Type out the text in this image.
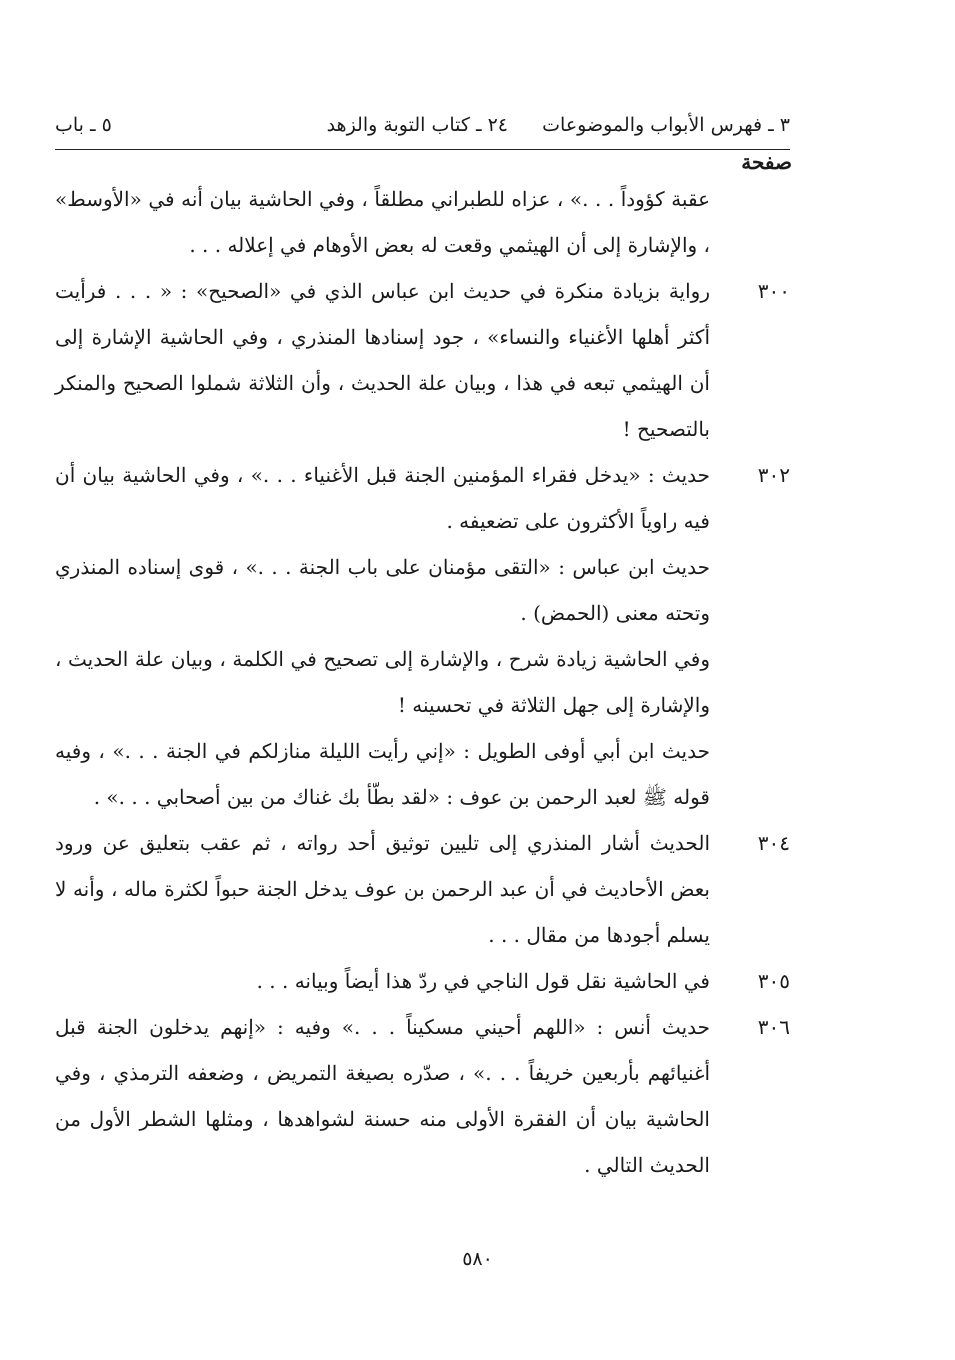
٣ ـ فهرس الأبواب والموضوعات
٢٤ ـ كتاب التوبة والزهد
٥ ـ باب
صفحة

عقبة كؤوداً . . .» ، عزاه للطبراني مطلقاً ، وفي الحاشية بيان أنه في «الأوسط» ، والإشارة إلى أن الهيثمي وقعت له بعض الأوهام في إعلاله . . .

٣٠٠

رواية بزيادة منكرة في حديث ابن عباس الذي في «الصحيح» : « . . . فرأيت أكثر أهلها الأغنياء والنساء» ، جود إسنادها المنذري ، وفي الحاشية الإشارة إلى أن الهيثمي تبعه في هذا ، وبيان علة الحديث ، وأن الثلاثة شملوا الصحيح والمنكر بالتصحيح !

٣٠٢

حديث : «يدخل فقراء المؤمنين الجنة قبل الأغنياء . . .» ، وفي الحاشية بيان أن فيه راوياً الأكثرون على تضعيفه .

حديث ابن عباس : «التقى مؤمنان على باب الجنة . . .» ، قوى إسناده المنذري وتحته معنى (الحمض) .

وفي الحاشية زيادة شرح ، والإشارة إلى تصحيح في الكلمة ، وبيان علة الحديث ، والإشارة إلى جهل الثلاثة في تحسينه !

حديث ابن أبي أوفى الطويل : «إني رأيت الليلة منازلكم في الجنة . . .» ، وفيه قوله ﷺ لعبد الرحمن بن عوف : «لقد بطّأ بك غناك من بين أصحابي . . .» .

٣٠٤

الحديث أشار المنذري إلى تليين توثيق أحد رواته ، ثم عقب بتعليق عن ورود بعض الأحاديث في أن عبد الرحمن بن عوف يدخل الجنة حبواً لكثرة ماله ، وأنه لا يسلم أجودها من مقال . . .

٣٠٥

في الحاشية نقل قول الناجي في ردّ هذا أيضاً وبيانه . . .

٣٠٦

حديث أنس : «اللهم أحيني مسكيناً . . .» وفيه : «إنهم يدخلون الجنة قبل أغنيائهم بأربعين خريفاً . . .» ، صدّره بصيغة التمريض ، وضعفه الترمذي ، وفي الحاشية بيان أن الفقرة الأولى منه حسنة لشواهدها ، ومثلها الشطر الأول من الحديث التالي .

٥٨٠
